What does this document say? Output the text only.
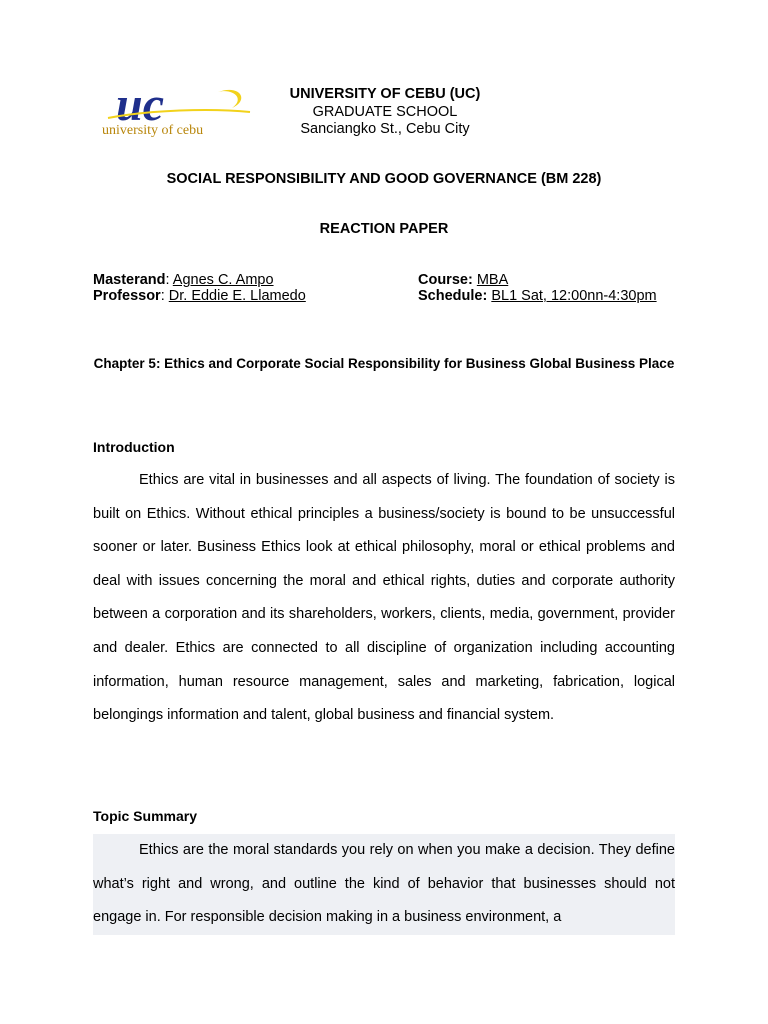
uc
university of cebu
UNIVERSITY OF CEBU (UC)
GRADUATE SCHOOL
Sanciangko St., Cebu City
SOCIAL RESPONSIBILITY AND GOOD GOVERNANCE (BM 228)
REACTION PAPER
Masterand: Agnes C. Ampo
Professor: Dr. Eddie E. Llamedo
Course: MBA
Schedule: BL1 Sat, 12:00nn-4:30pm
Chapter 5: Ethics and Corporate Social Responsibility for Business Global Business Place
Introduction
Ethics are vital in businesses and all aspects of living. The foundation of society is built on Ethics. Without ethical principles a business/society is bound to be unsuccessful sooner or later. Business Ethics look at ethical philosophy, moral or ethical problems and deal with issues concerning the moral and ethical rights, duties and corporate authority between a corporation and its shareholders, workers, clients, media, government, provider and dealer. Ethics are connected to all discipline of organization including accounting information, human resource management, sales and marketing, fabrication, logical belongings information and talent, global business and financial system.
Topic Summary
Ethics are the moral standards you rely on when you make a decision. They define what’s right and wrong, and outline the kind of behavior that businesses should not engage in. For responsible decision making in a business environment, a
